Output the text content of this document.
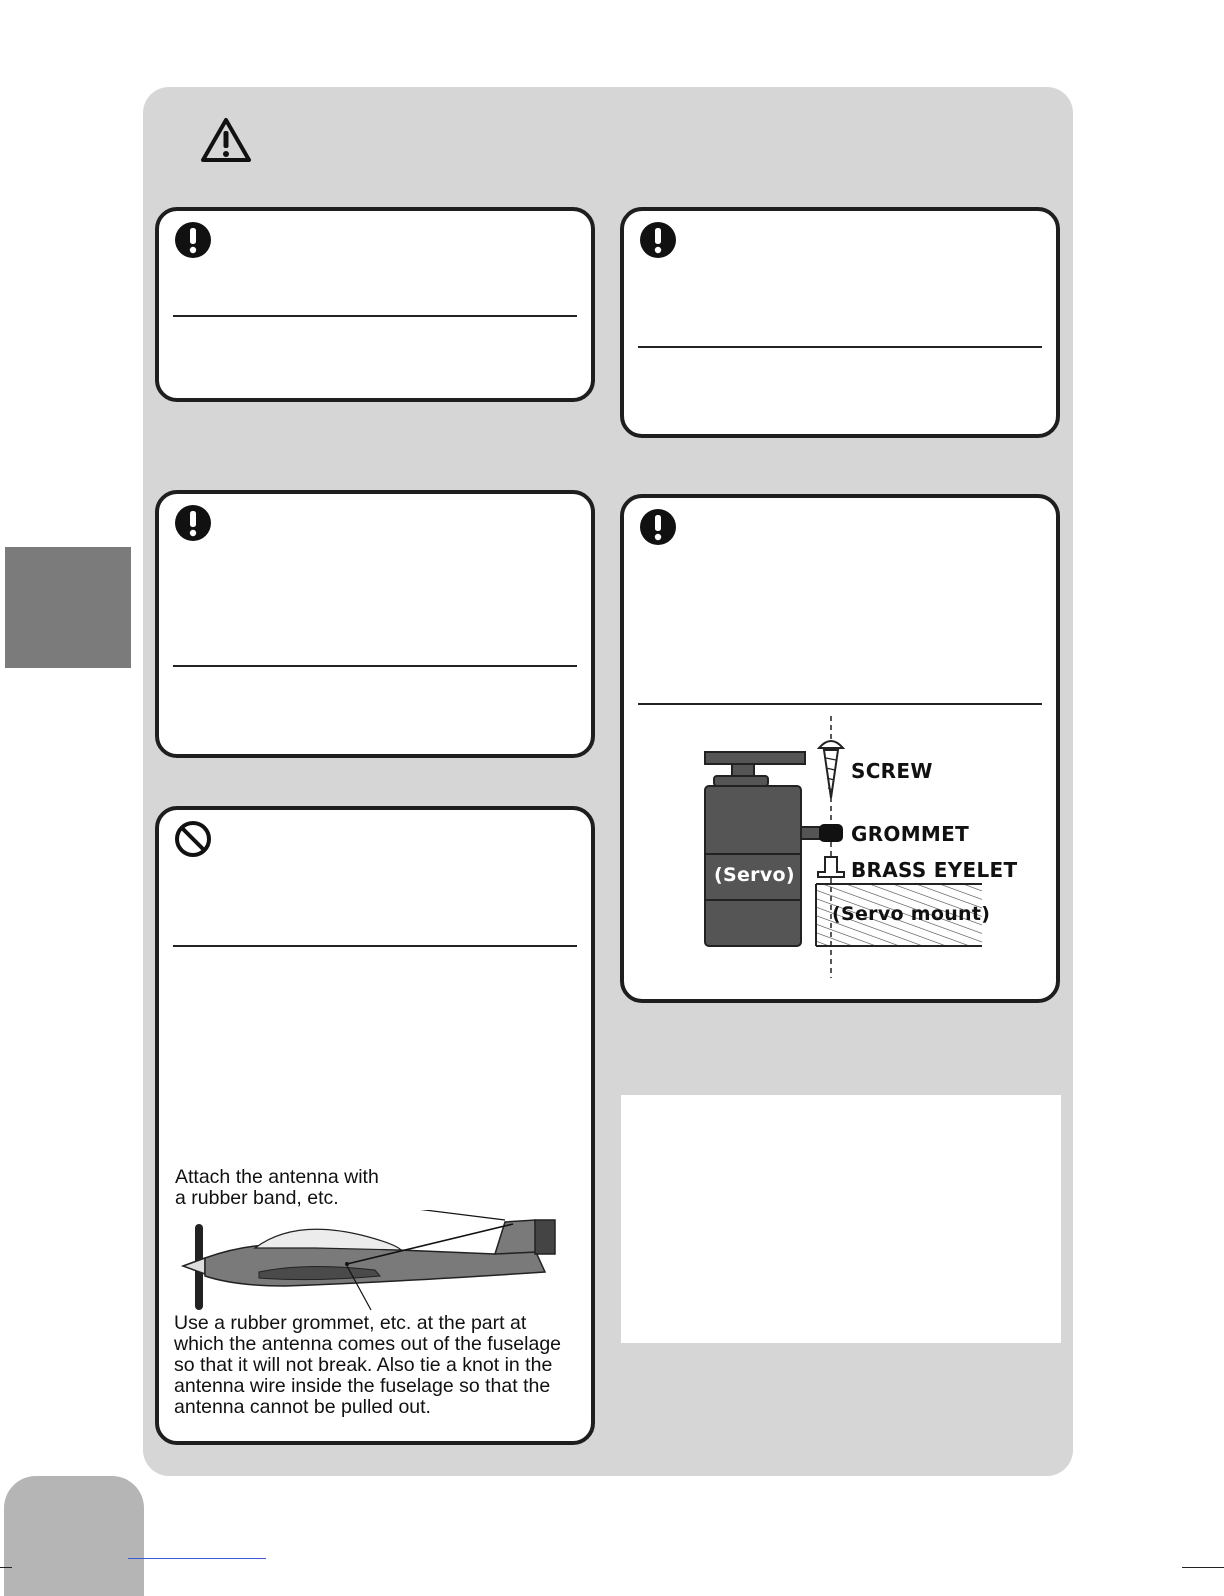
SCREW
GROMMET
BRASS EYELET
(Servo)
(Servo mount)
Attach the antenna with
a rubber band, etc.
Use a rubber grommet, etc. at the part at
which the antenna comes out of the fuselage
so that it will not break. Also tie a knot in the
antenna wire inside the fuselage so that the
antenna cannot be pulled out.
